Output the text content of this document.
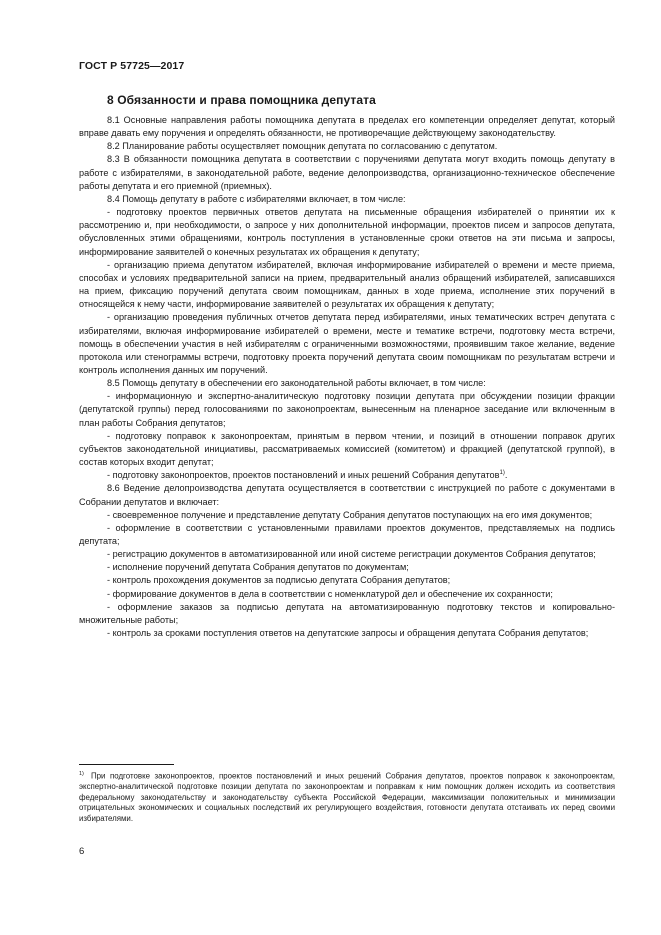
ГОСТ Р 57725—2017
8 Обязанности и права помощника депутата

8.1 Основные направления работы помощника депутата в пределах его компетенции определяет депутат, который вправе давать ему поручения и определять обязанности, не противоречащие действующему законодательству.

8.2 Планирование работы осуществляет помощник депутата по согласованию с депутатом.

8.3 В обязанности помощника депутата в соответствии с поручениями депутата могут входить помощь депутату в работе с избирателями, в законодательной работе, ведение делопроизводства, организационно-техническое обеспечение работы депутата и его приемной (приемных).

8.4 Помощь депутату в работе с избирателями включает, в том числе:

- подготовку проектов первичных ответов депутата на письменные обращения избирателей о принятии их к рассмотрению и, при необходимости, о запросе у них дополнительной информации, проектов писем и запросов депутата, обусловленных этими обращениями, контроль поступления в установленные сроки ответов на эти письма и запросы, информирование заявителей о конечных результатах их обращения к депутату;

- организацию приема депутатом избирателей, включая информирование избирателей о времени и месте приема, способах и условиях предварительной записи на прием, предварительный анализ обращений избирателей, записавшихся на прием, фиксацию поручений депутата своим помощникам, данных в ходе приема, исполнение этих поручений в относящейся к нему части, информирование заявителей о результатах их обращения к депутату;

- организацию проведения публичных отчетов депутата перед избирателями, иных тематических встреч депутата с избирателями, включая информирование избирателей о времени, месте и тематике встречи, подготовку места встречи, помощь в обеспечении участия в ней избирателям с ограниченными возможностями, проявившим такое желание, ведение протокола или стенограммы встречи, подготовку проекта поручений депутата своим помощникам по результатам встречи и контроль исполнения данных им поручений.

8.5 Помощь депутату в обеспечении его законодательной работы включает, в том числе:

- информационную и экспертно-аналитическую подготовку позиции депутата при обсуждении позиции фракции (депутатской группы) перед голосованиями по законопроектам, вынесенным на пленарное заседание или включенным в план работы Собрания депутатов;

- подготовку поправок к законопроектам, принятым в первом чтении, и позиций в отношении поправок других субъектов законодательной инициативы, рассматриваемых комиссией (комитетом) и фракцией (депутатской группой), в состав которых входит депутат;

- подготовку законопроектов, проектов постановлений и иных решений Собрания депутатов$^{1)}$.

8.6 Ведение делопроизводства депутата осуществляется в соответствии с инструкцией по работе с документами в Собрании депутатов и включает:

- своевременное получение и представление депутату Собрания депутатов поступающих на его имя документов;

- оформление в соответствии с установленными правилами проектов документов, представляемых на подпись депутата;

- регистрацию документов в автоматизированной или иной системе регистрации документов Собрания депутатов;

- исполнение поручений депутата Собрания депутатов по документам;

- контроль прохождения документов за подписью депутата Собрания депутатов;

- формирование документов в дела в соответствии с номенклатурой дел и обеспечение их сохранности;

- оформление заказов за подписью депутата на автоматизированную подготовку текстов и копировально-множительные работы;

- контроль за сроками поступления ответов на депутатские запросы и обращения депутата Собрания депутатов;

$^{1)}$ При подготовке законопроектов, проектов постановлений и иных решений Собрания депутатов, проектов поправок к законопроектам, экспертно-аналитической подготовке позиции депутата по законопроектам и поправкам к ним помощник должен исходить из соответствия федеральному законодательству и законодательству субъекта Российской Федерации, максимизации положительных и минимизации отрицательных экономических и социальных последствий их регулирующего воздействия, готовности депутата отстаивать их перед своими избирателями.

6
